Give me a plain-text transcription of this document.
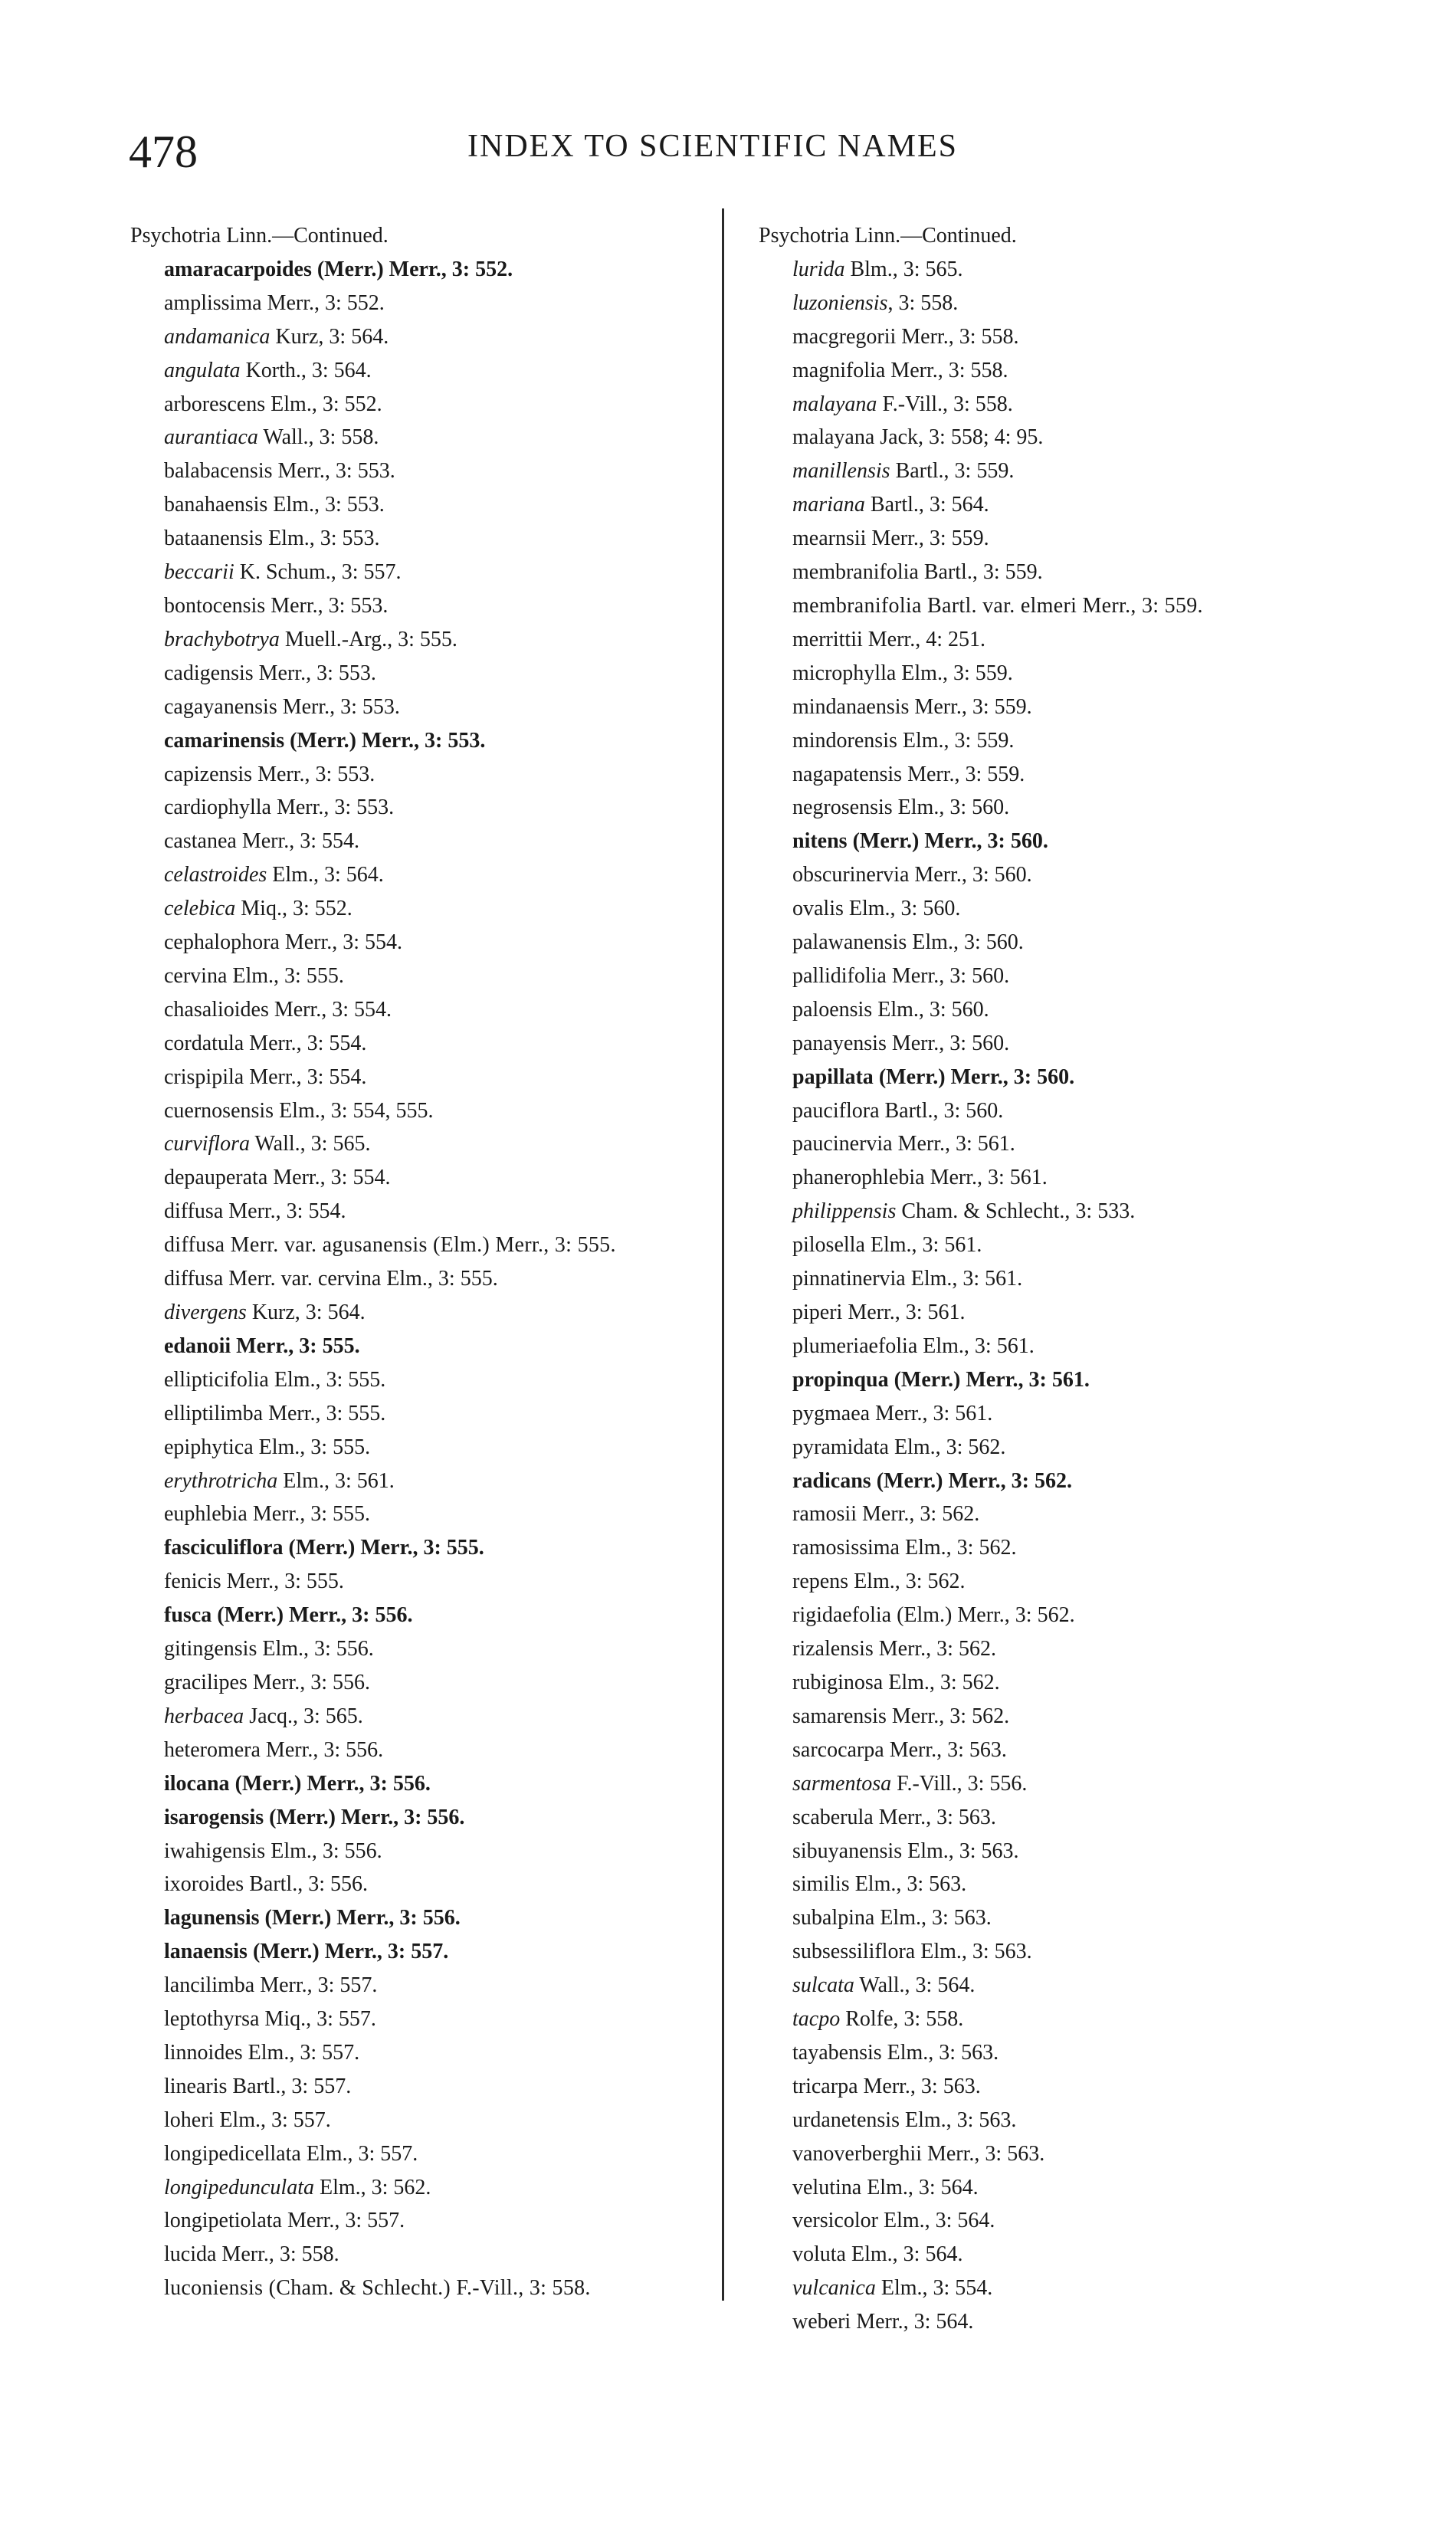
478	INDEX TO SCIENTIFIC NAMES
Psychotria Linn.—Continued.
amaracarpoides (Merr.) Merr., 3: 552.
amplissima Merr., 3: 552.
andamanica Kurz, 3: 564.
angulata Korth., 3: 564.
arborescens Elm., 3: 552.
aurantiaca Wall., 3: 558.
balabacensis Merr., 3: 553.
banahaensis Elm., 3: 553.
bataanensis Elm., 3: 553.
beccarii K. Schum., 3: 557.
bontocensis Merr., 3: 553.
brachybotrya Muell.-Arg., 3: 555.
cadigensis Merr., 3: 553.
cagayanensis Merr., 3: 553.
camarinensis (Merr.) Merr., 3: 553.
capizensis Merr., 3: 553.
cardiophylla Merr., 3: 553.
castanea Merr., 3: 554.
celastroides Elm., 3: 564.
celebica Miq., 3: 552.
cephalophora Merr., 3: 554.
cervina Elm., 3: 555.
chasalioides Merr., 3: 554.
cordatula Merr., 3: 554.
crispipila Merr., 3: 554.
cuernosensis Elm., 3: 554, 555.
curviflora Wall., 3: 565.
depauperata Merr., 3: 554.
diffusa Merr., 3: 554.
diffusa Merr. var. agusanensis (Elm.) Merr., 3: 555.
diffusa Merr. var. cervina Elm., 3: 555.
divergens Kurz, 3: 564.
edanoii Merr., 3: 555.
ellipticifolia Elm., 3: 555.
elliptilimba Merr., 3: 555.
epiphytica Elm., 3: 555.
erythrotricha Elm., 3: 561.
euphlebia Merr., 3: 555.
fasciculiflora (Merr.) Merr., 3: 555.
fenicis Merr., 3: 555.
fusca (Merr.) Merr., 3: 556.
gitingensis Elm., 3: 556.
gracilipes Merr., 3: 556.
herbacea Jacq., 3: 565.
heteromera Merr., 3: 556.
ilocana (Merr.) Merr., 3: 556.
isarogensis (Merr.) Merr., 3: 556.
iwahigensis Elm., 3: 556.
ixoroides Bartl., 3: 556.
lagunensis (Merr.) Merr., 3: 556.
lanaensis (Merr.) Merr., 3: 557.
lancilimba Merr., 3: 557.
leptothyrsa Miq., 3: 557.
linnoides Elm., 3: 557.
linearis Bartl., 3: 557.
loheri Elm., 3: 557.
longipedicellata Elm., 3: 557.
longipedunculata Elm., 3: 562.
longipetiolata Merr., 3: 557.
lucida Merr., 3: 558.
luconiensis (Cham. & Schlecht.) F.-Vill., 3: 558.
Psychotria Linn.—Continued.
lurida Blm., 3: 565.
luzoniensis, 3: 558.
macgregorii Merr., 3: 558.
magnifolia Merr., 3: 558.
malayana F.-Vill., 3: 558.
malayana Jack, 3: 558; 4: 95.
manillensis Bartl., 3: 559.
mariana Bartl., 3: 564.
mearnsii Merr., 3: 559.
membranifolia Bartl., 3: 559.
membranifolia Bartl. var. elmeri Merr., 3: 559.
merrittii Merr., 4: 251.
microphylla Elm., 3: 559.
mindanaensis Merr., 3: 559.
mindorensis Elm., 3: 559.
nagapatensis Merr., 3: 559.
negrosensis Elm., 3: 560.
nitens (Merr.) Merr., 3: 560.
obscurinervia Merr., 3: 560.
ovalis Elm., 3: 560.
palawanensis Elm., 3: 560.
pallidifolia Merr., 3: 560.
paloensis Elm., 3: 560.
panayensis Merr., 3: 560.
papillata (Merr.) Merr., 3: 560.
pauciflora Bartl., 3: 560.
paucinervia Merr., 3: 561.
phanerophlebia Merr., 3: 561.
philippensis Cham. & Schlecht., 3: 533.
pilosella Elm., 3: 561.
pinnatinervia Elm., 3: 561.
piperi Merr., 3: 561.
plumeriaefolia Elm., 3: 561.
propinqua (Merr.) Merr., 3: 561.
pygmaea Merr., 3: 561.
pyramidata Elm., 3: 562.
radicans (Merr.) Merr., 3: 562.
ramosii Merr., 3: 562.
ramosissima Elm., 3: 562.
repens Elm., 3: 562.
rigidaefolia (Elm.) Merr., 3: 562.
rizalensis Merr., 3: 562.
rubiginosa Elm., 3: 562.
samarensis Merr., 3: 562.
sarcocarpa Merr., 3: 563.
sarmentosa F.-Vill., 3: 556.
scaberula Merr., 3: 563.
sibuyanensis Elm., 3: 563.
similis Elm., 3: 563.
subalpina Elm., 3: 563.
subsessiliflora Elm., 3: 563.
sulcata Wall., 3: 564.
tacpo Rolfe, 3: 558.
tayabensis Elm., 3: 563.
tricarpa Merr., 3: 563.
urdanetensis Elm., 3: 563.
vanoverberghii Merr., 3: 563.
velutina Elm., 3: 564.
versicolor Elm., 3: 564.
voluta Elm., 3: 564.
vulcanica Elm., 3: 554.
weberi Merr., 3: 564.
